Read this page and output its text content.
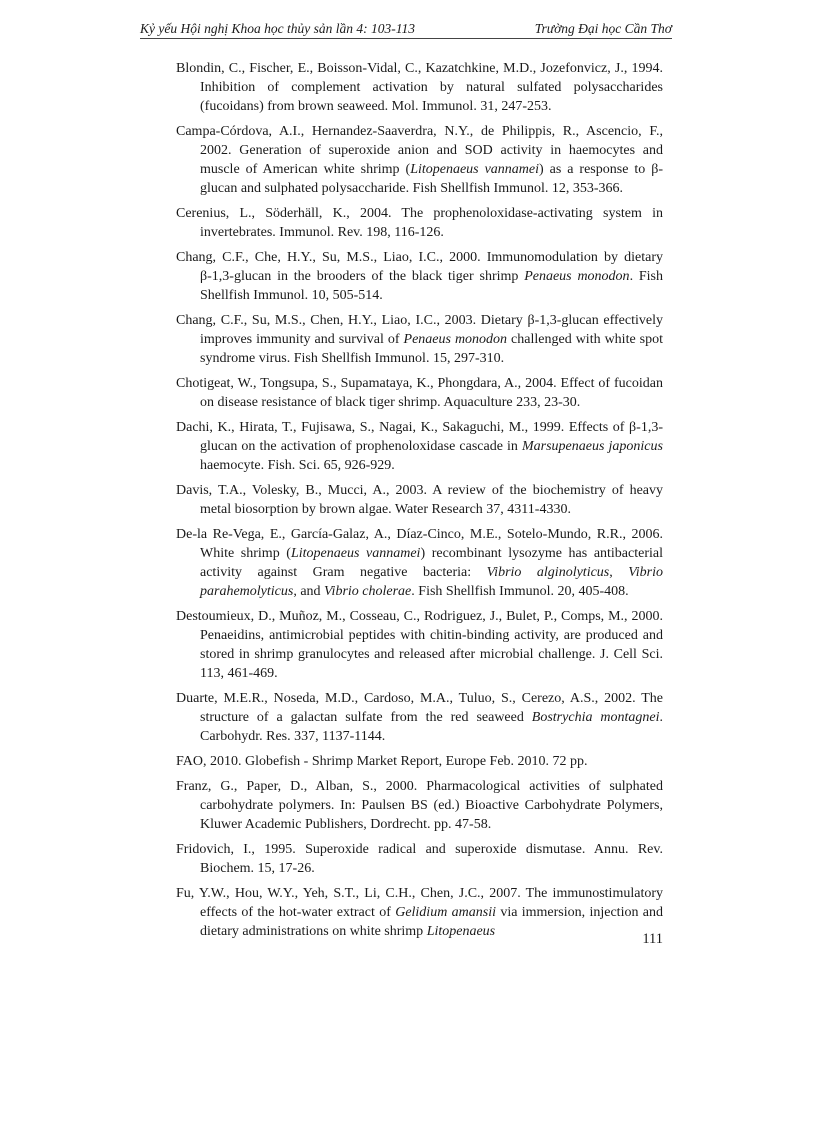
Kỷ yếu Hội nghị Khoa học thủy sản lần 4: 103-113	Trường Đại học Cần Thơ

Blondin, C., Fischer, E., Boisson-Vidal, C., Kazatchkine, M.D., Jozefonvicz, J., 1994. Inhibition of complement activation by natural sulfated polysaccharides (fucoidans) from brown seaweed. Mol. Immunol. 31, 247-253.

Campa-Córdova, A.I., Hernandez-Saaverdra, N.Y., de Philippis, R., Ascencio, F., 2002. Generation of superoxide anion and SOD activity in haemocytes and muscle of American white shrimp (Litopenaeus vannamei) as a response to β-glucan and sulphated polysaccharide. Fish Shellfish Immunol. 12, 353-366.

Cerenius, L., Söderhäll, K., 2004. The prophenoloxidase-activating system in invertebrates. Immunol. Rev. 198, 116-126.

Chang, C.F., Che, H.Y., Su, M.S., Liao, I.C., 2000. Immunomodulation by dietary β-1,3-glucan in the brooders of the black tiger shrimp Penaeus monodon. Fish Shellfish Immunol. 10, 505-514.

Chang, C.F., Su, M.S., Chen, H.Y., Liao, I.C., 2003. Dietary β-1,3-glucan effectively improves immunity and survival of Penaeus monodon challenged with white spot syndrome virus. Fish Shellfish Immunol. 15, 297-310.

Chotigeat, W., Tongsupa, S., Supamataya, K., Phongdara, A., 2004. Effect of fucoidan on disease resistance of black tiger shrimp. Aquaculture 233, 23-30.

Dachi, K., Hirata, T., Fujisawa, S., Nagai, K., Sakaguchi, M., 1999. Effects of β-1,3-glucan on the activation of prophenoloxidase cascade in Marsupenaeus japonicus haemocyte. Fish. Sci. 65, 926-929.

Davis, T.A., Volesky, B., Mucci, A., 2003. A review of the biochemistry of heavy metal biosorption by brown algae. Water Research 37, 4311-4330.

De-la Re-Vega, E., García-Galaz, A., Díaz-Cinco, M.E., Sotelo-Mundo, R.R., 2006. White shrimp (Litopenaeus vannamei) recombinant lysozyme has antibacterial activity against Gram negative bacteria: Vibrio alginolyticus, Vibrio parahemolyticus, and Vibrio cholerae. Fish Shellfish Immunol. 20, 405-408.

Destoumieux, D., Muñoz, M., Cosseau, C., Rodriguez, J., Bulet, P., Comps, M., 2000. Penaeidins, antimicrobial peptides with chitin-binding activity, are produced and stored in shrimp granulocytes and released after microbial challenge. J. Cell Sci. 113, 461-469.

Duarte, M.E.R., Noseda, M.D., Cardoso, M.A., Tuluo, S., Cerezo, A.S., 2002. The structure of a galactan sulfate from the red seaweed Bostrychia montagnei. Carbohydr. Res. 337, 1137-1144.

FAO, 2010. Globefish - Shrimp Market Report, Europe Feb. 2010. 72 pp.

Franz, G., Paper, D., Alban, S., 2000. Pharmacological activities of sulphated carbohydrate polymers. In: Paulsen BS (ed.) Bioactive Carbohydrate Polymers, Kluwer Academic Publishers, Dordrecht. pp. 47-58.

Fridovich, I., 1995. Superoxide radical and superoxide dismutase. Annu. Rev. Biochem. 15, 17-26.

Fu, Y.W., Hou, W.Y., Yeh, S.T., Li, C.H., Chen, J.C., 2007. The immunostimulatory effects of the hot-water extract of Gelidium amansii via immersion, injection and dietary administrations on white shrimp Litopenaeus	111
